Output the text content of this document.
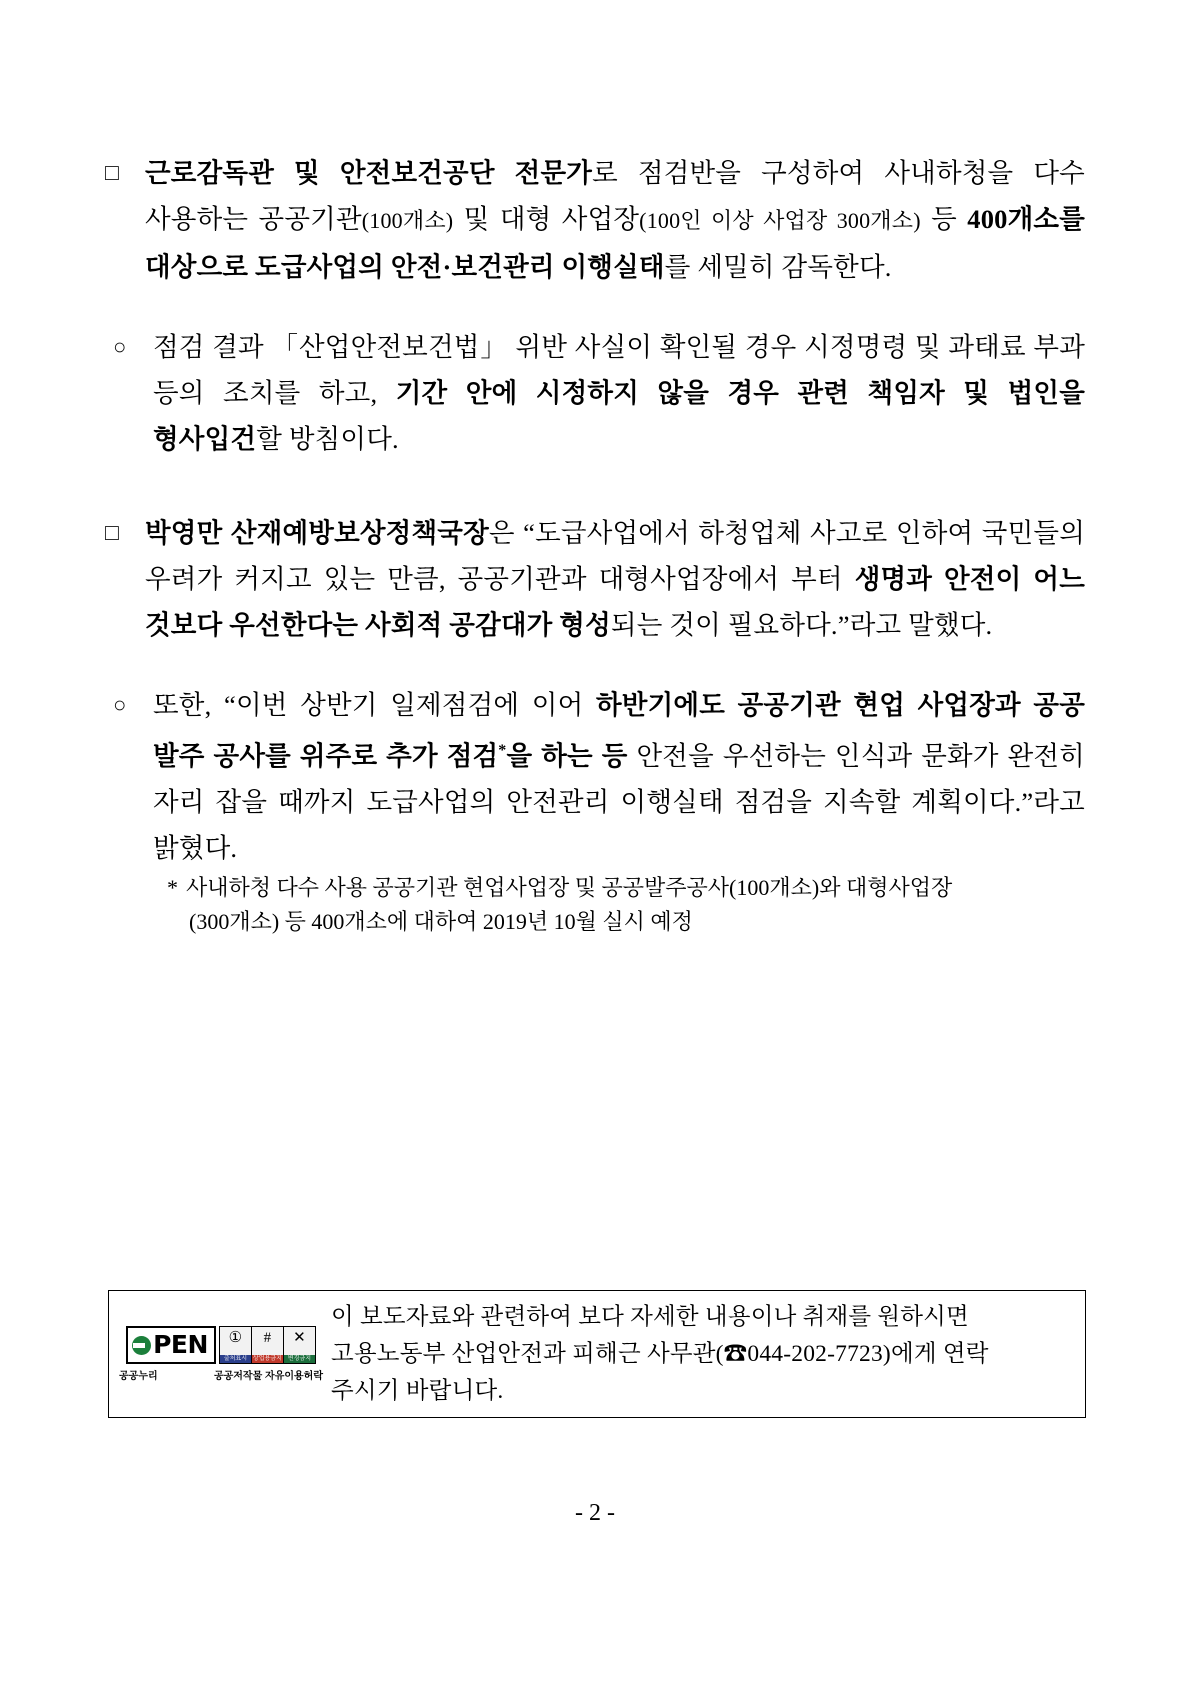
□ 근로감독관 및 안전보건공단 전문가로 점검반을 구성하여 사내하청을 다수 사용하는 공공기관(100개소) 및 대형 사업장(100인 이상 사업장 300개소) 등 400개소를 대상으로 도급사업의 안전·보건관리 이행실태를 세밀히 감독한다.
○	점검 결과 「산업안전보건법」 위반 사실이 확인될 경우 시정명령 및 과태료 부과 등의 조치를 하고, 기간 안에 시정하지 않을 경우 관련 책임자 및 법인을 형사입건할 방침이다.
□ 박영만 산재예방보상정책국장은 “도급사업에서 하청업체 사고로 인하여 국민들의 우려가 커지고 있는 만큼, 공공기관과 대형사업장에서 부터 생명과 안전이 어느 것보다 우선한다는 사회적 공감대가 형성되는 것이 필요하다.”라고 말했다.
○	또한, “이번 상반기 일제점검에 이어 하반기에도 공공기관 현업 사업장과 공공 발주 공사를 위주로 추가 점검*을 하는 등 안전을 우선하는 인식과 문화가 완전히 자리 잡을 때까지 도급사업의 안전관리 이행실태 점검을 지속할 계획이다.”라고 밝혔다.
* 사내하청 다수 사용 공공기관 현업사업장 및 공공발주공사(100개소)와 대형사업장
(300개소) 등 400개소에 대하여 2019년 10월 실시 예정
PEN ①
출처표시
#
상업용금지
✕
변경금지
공공누리	공공저작물 자유이용허락
이 보도자료와 관련하여 보다 자세한 내용이나 취재를 원하시면
고용노동부 산업안전과 피해근 사무관(☎044-202-7723)에게 연락
주시기 바랍니다.
- 2 -
